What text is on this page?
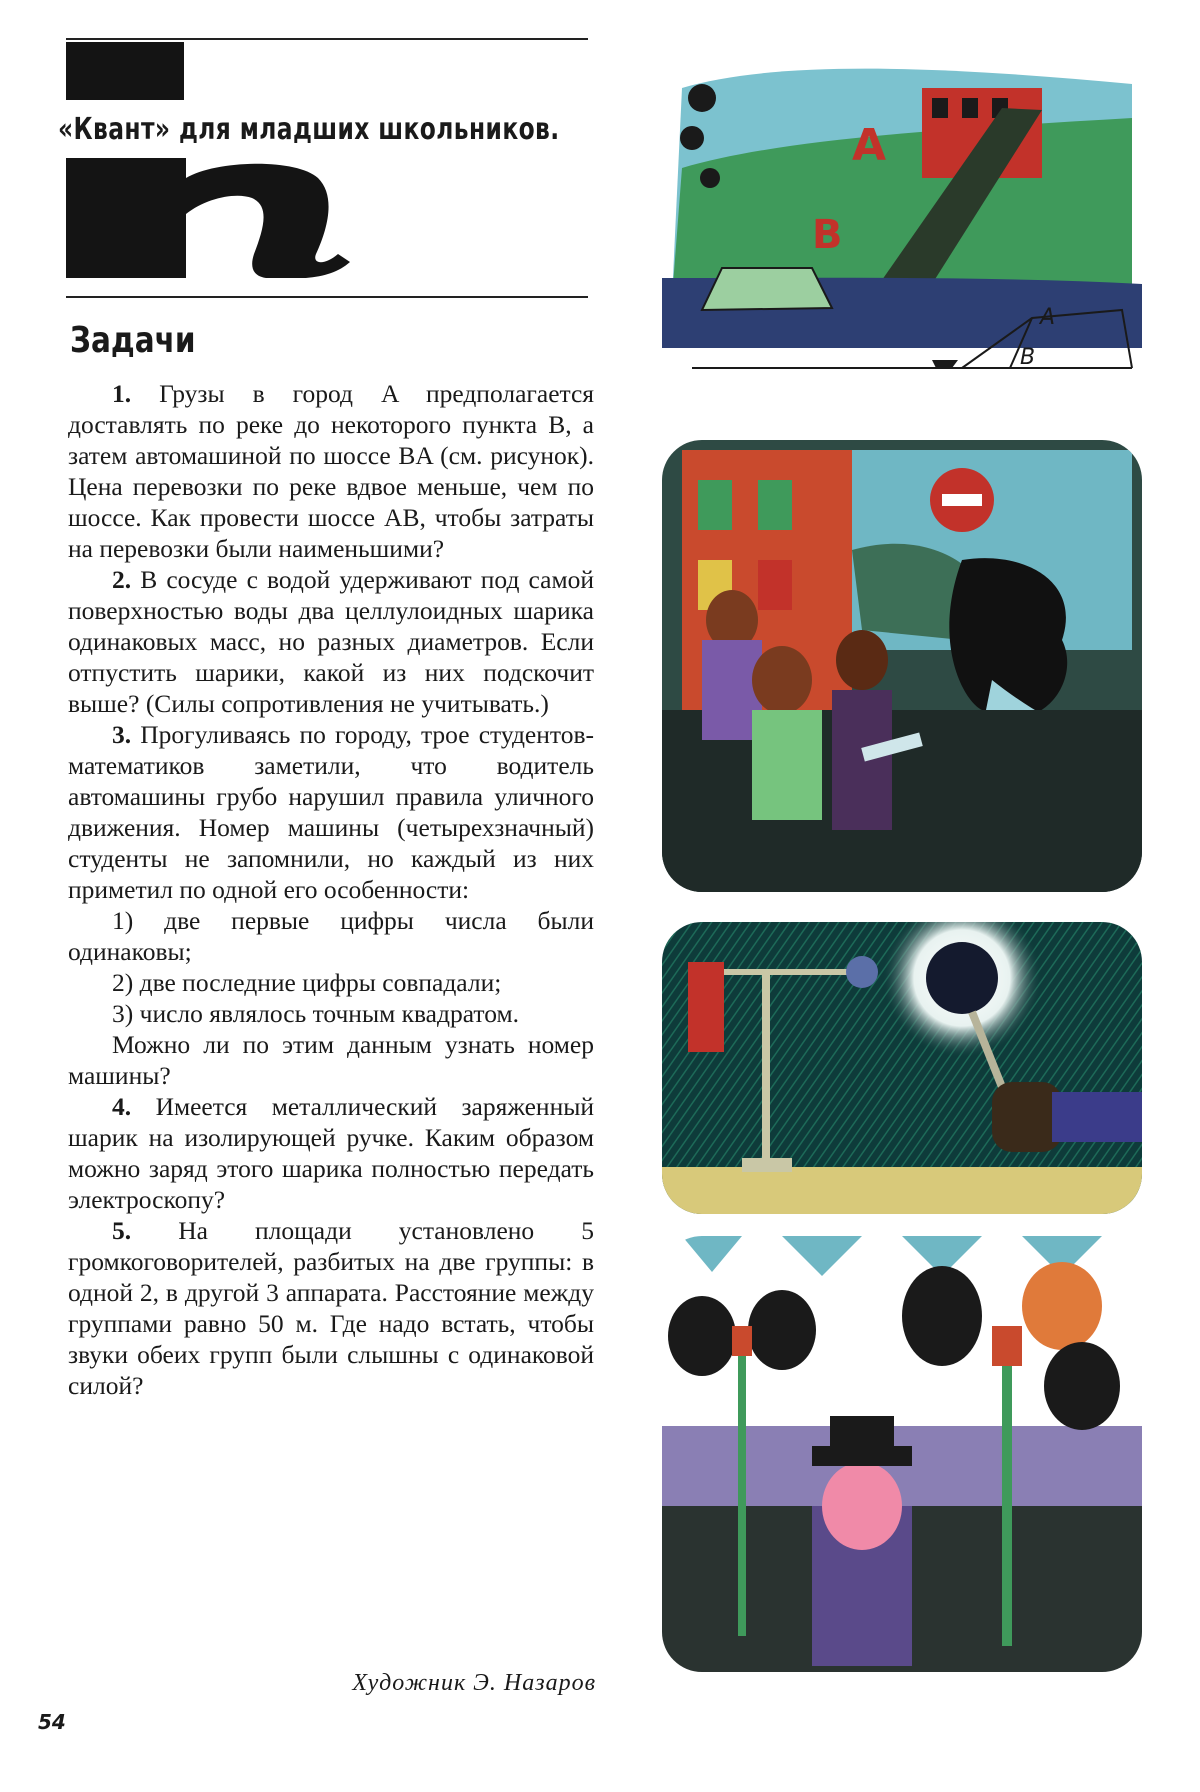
«Квант» для младших школьников.
Задачи

1. Грузы в город A предполагается доставлять по реке до некоторого пункта B, а затем автомашиной по шоссе BA (см. рисунок). Цена перевозки по реке вдвое меньше, чем по шоссе. Как провести шоссе AB, чтобы затраты на перевозки были наименьшими?

2. В сосуде с водой удерживают под самой поверхностью воды два целлулоидных шарика одинаковых масс, но разных диаметров. Если отпустить шарики, какой из них подскочит выше? (Силы сопротивления не учитывать.)

3. Прогуливаясь по городу, трое студентов-математиков заметили, что водитель автомашины грубо нарушил правила уличного движения. Номер машины (четырехзначный) студенты не запомнили, но каждый из них приметил по одной его особенности:

1) две первые цифры числа были одинаковы;

2) две последние цифры совпадали;

3) число являлось точным квадратом.

Можно ли по этим данным узнать номер машины?

4. Имеется металлический заряженный шарик на изолирующей ручке. Каким образом можно заряд этого шарика полностью передать электроскопу?

5. На площади установлено 5 громкоговорителей, разбитых на две группы: в одной 2, в другой 3 аппарата. Расстояние между группами равно 50 м. Где надо встать, чтобы звуки обеих групп были слышны с одинаковой силой?

Художник Э. Назаров
54
A
B
A
B
